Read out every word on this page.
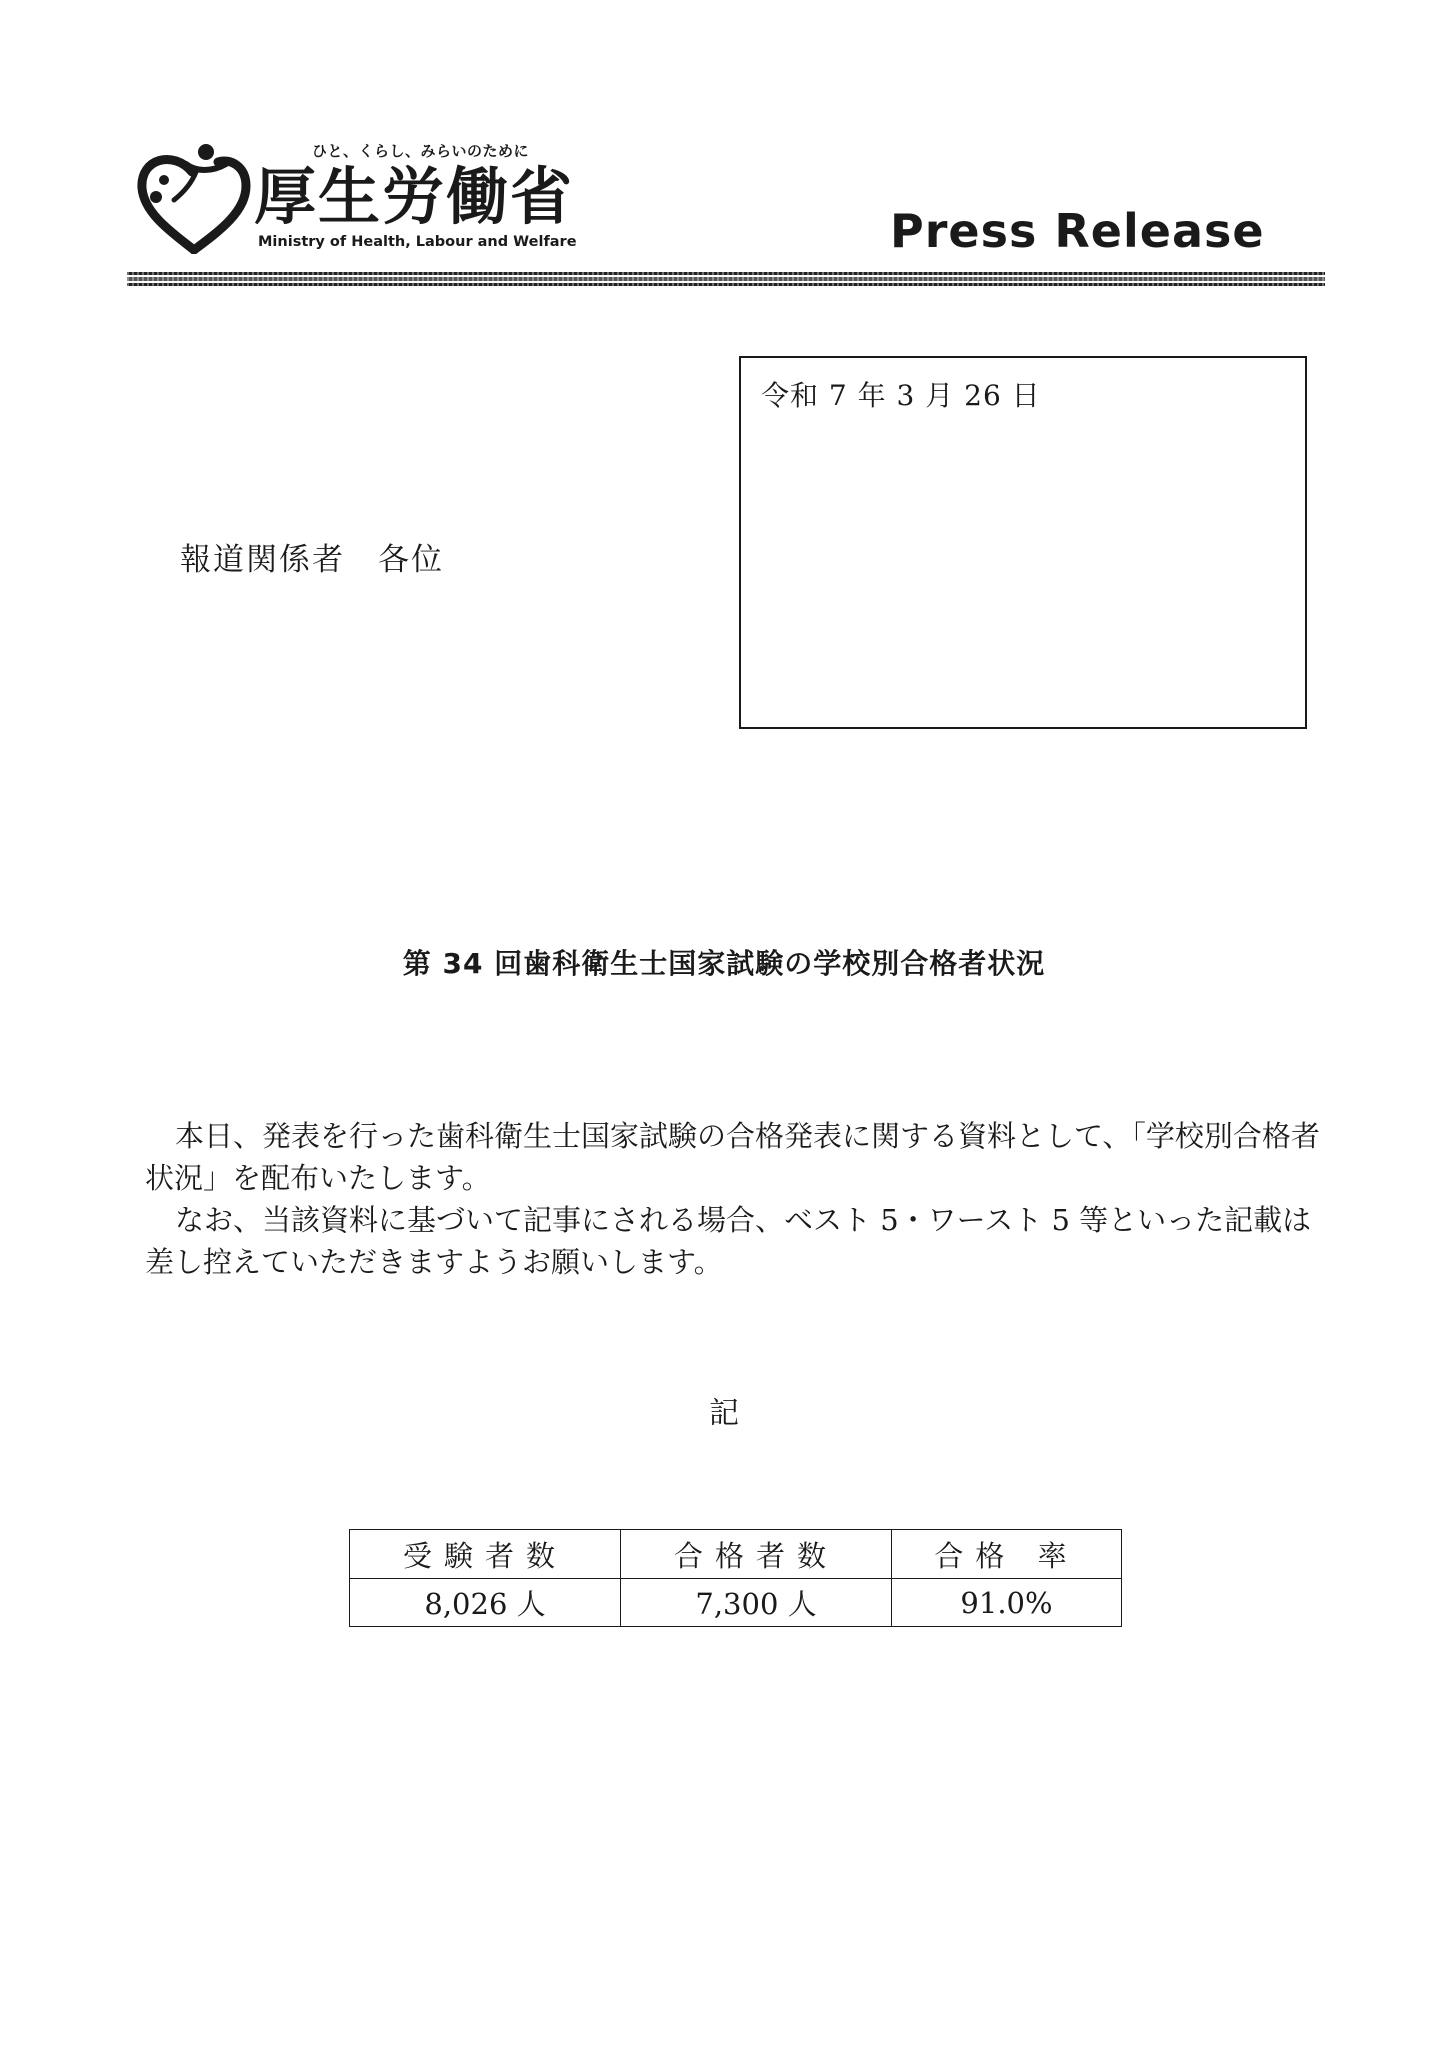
ひと、くらし、みらいのために
厚生労働省
Ministry of Health, Labour and Welfare	Press Release
令和 7 年 3 月 26 日
報道関係者　各位
第 34 回歯科衛生士国家試験の学校別合格者状況

本日、発表を行った歯科衛生士国家試験の合格発表に関する資料として、「学校別合格者状況」を配布いたします。

なお、当該資料に基づいて記事にされる場合、ベスト 5・ワースト 5 等といった記載は差し控えていただきますようお願いします。

記
受験者数	合格者数	合格 率
8,026 人	7,300 人	91.0%
